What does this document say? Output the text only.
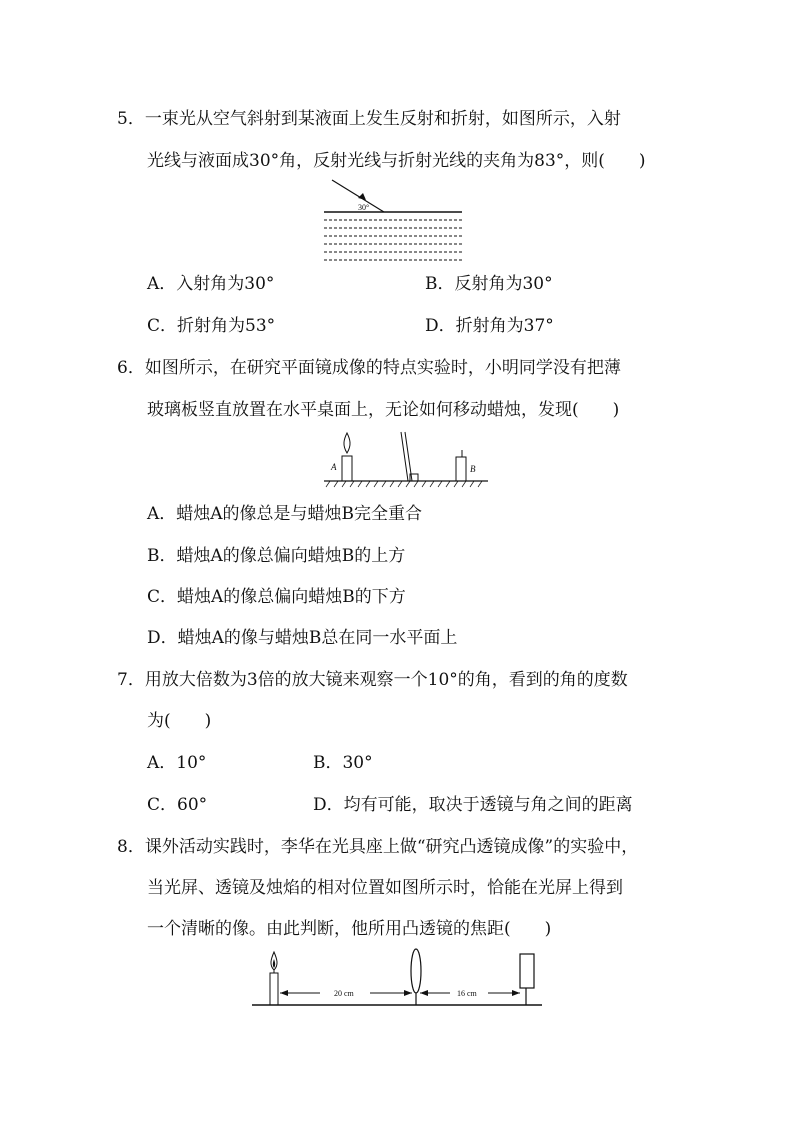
5．一束光从空气斜射到某液面上发生反射和折射，如图所示，入射
光线与液面成30°角，反射光线与折射光线的夹角为83°，则(　　)
30°
A．入射角为30°	B．反射角为30°
C．折射角为53°	D．折射角为37°
6．如图所示，在研究平面镜成像的特点实验时，小明同学没有把薄
玻璃板竖直放置在水平桌面上，无论如何移动蜡烛，发现(　　)
A	B
A．蜡烛A的像总是与蜡烛B完全重合
B．蜡烛A的像总偏向蜡烛B的上方
C．蜡烛A的像总偏向蜡烛B的下方
D．蜡烛A的像与蜡烛B总在同一水平面上
7．用放大倍数为3倍的放大镜来观察一个10°的角，看到的角的度数
为(　　)
A．10°	B．30°
C．60°	D．均有可能，取决于透镜与角之间的距离
8．课外活动实践时，李华在光具座上做“研究凸透镜成像”的实验中，
当光屏、透镜及烛焰的相对位置如图所示时，恰能在光屏上得到
一个清晰的像。由此判断，他所用凸透镜的焦距(　　)
20 cm	16 cm
